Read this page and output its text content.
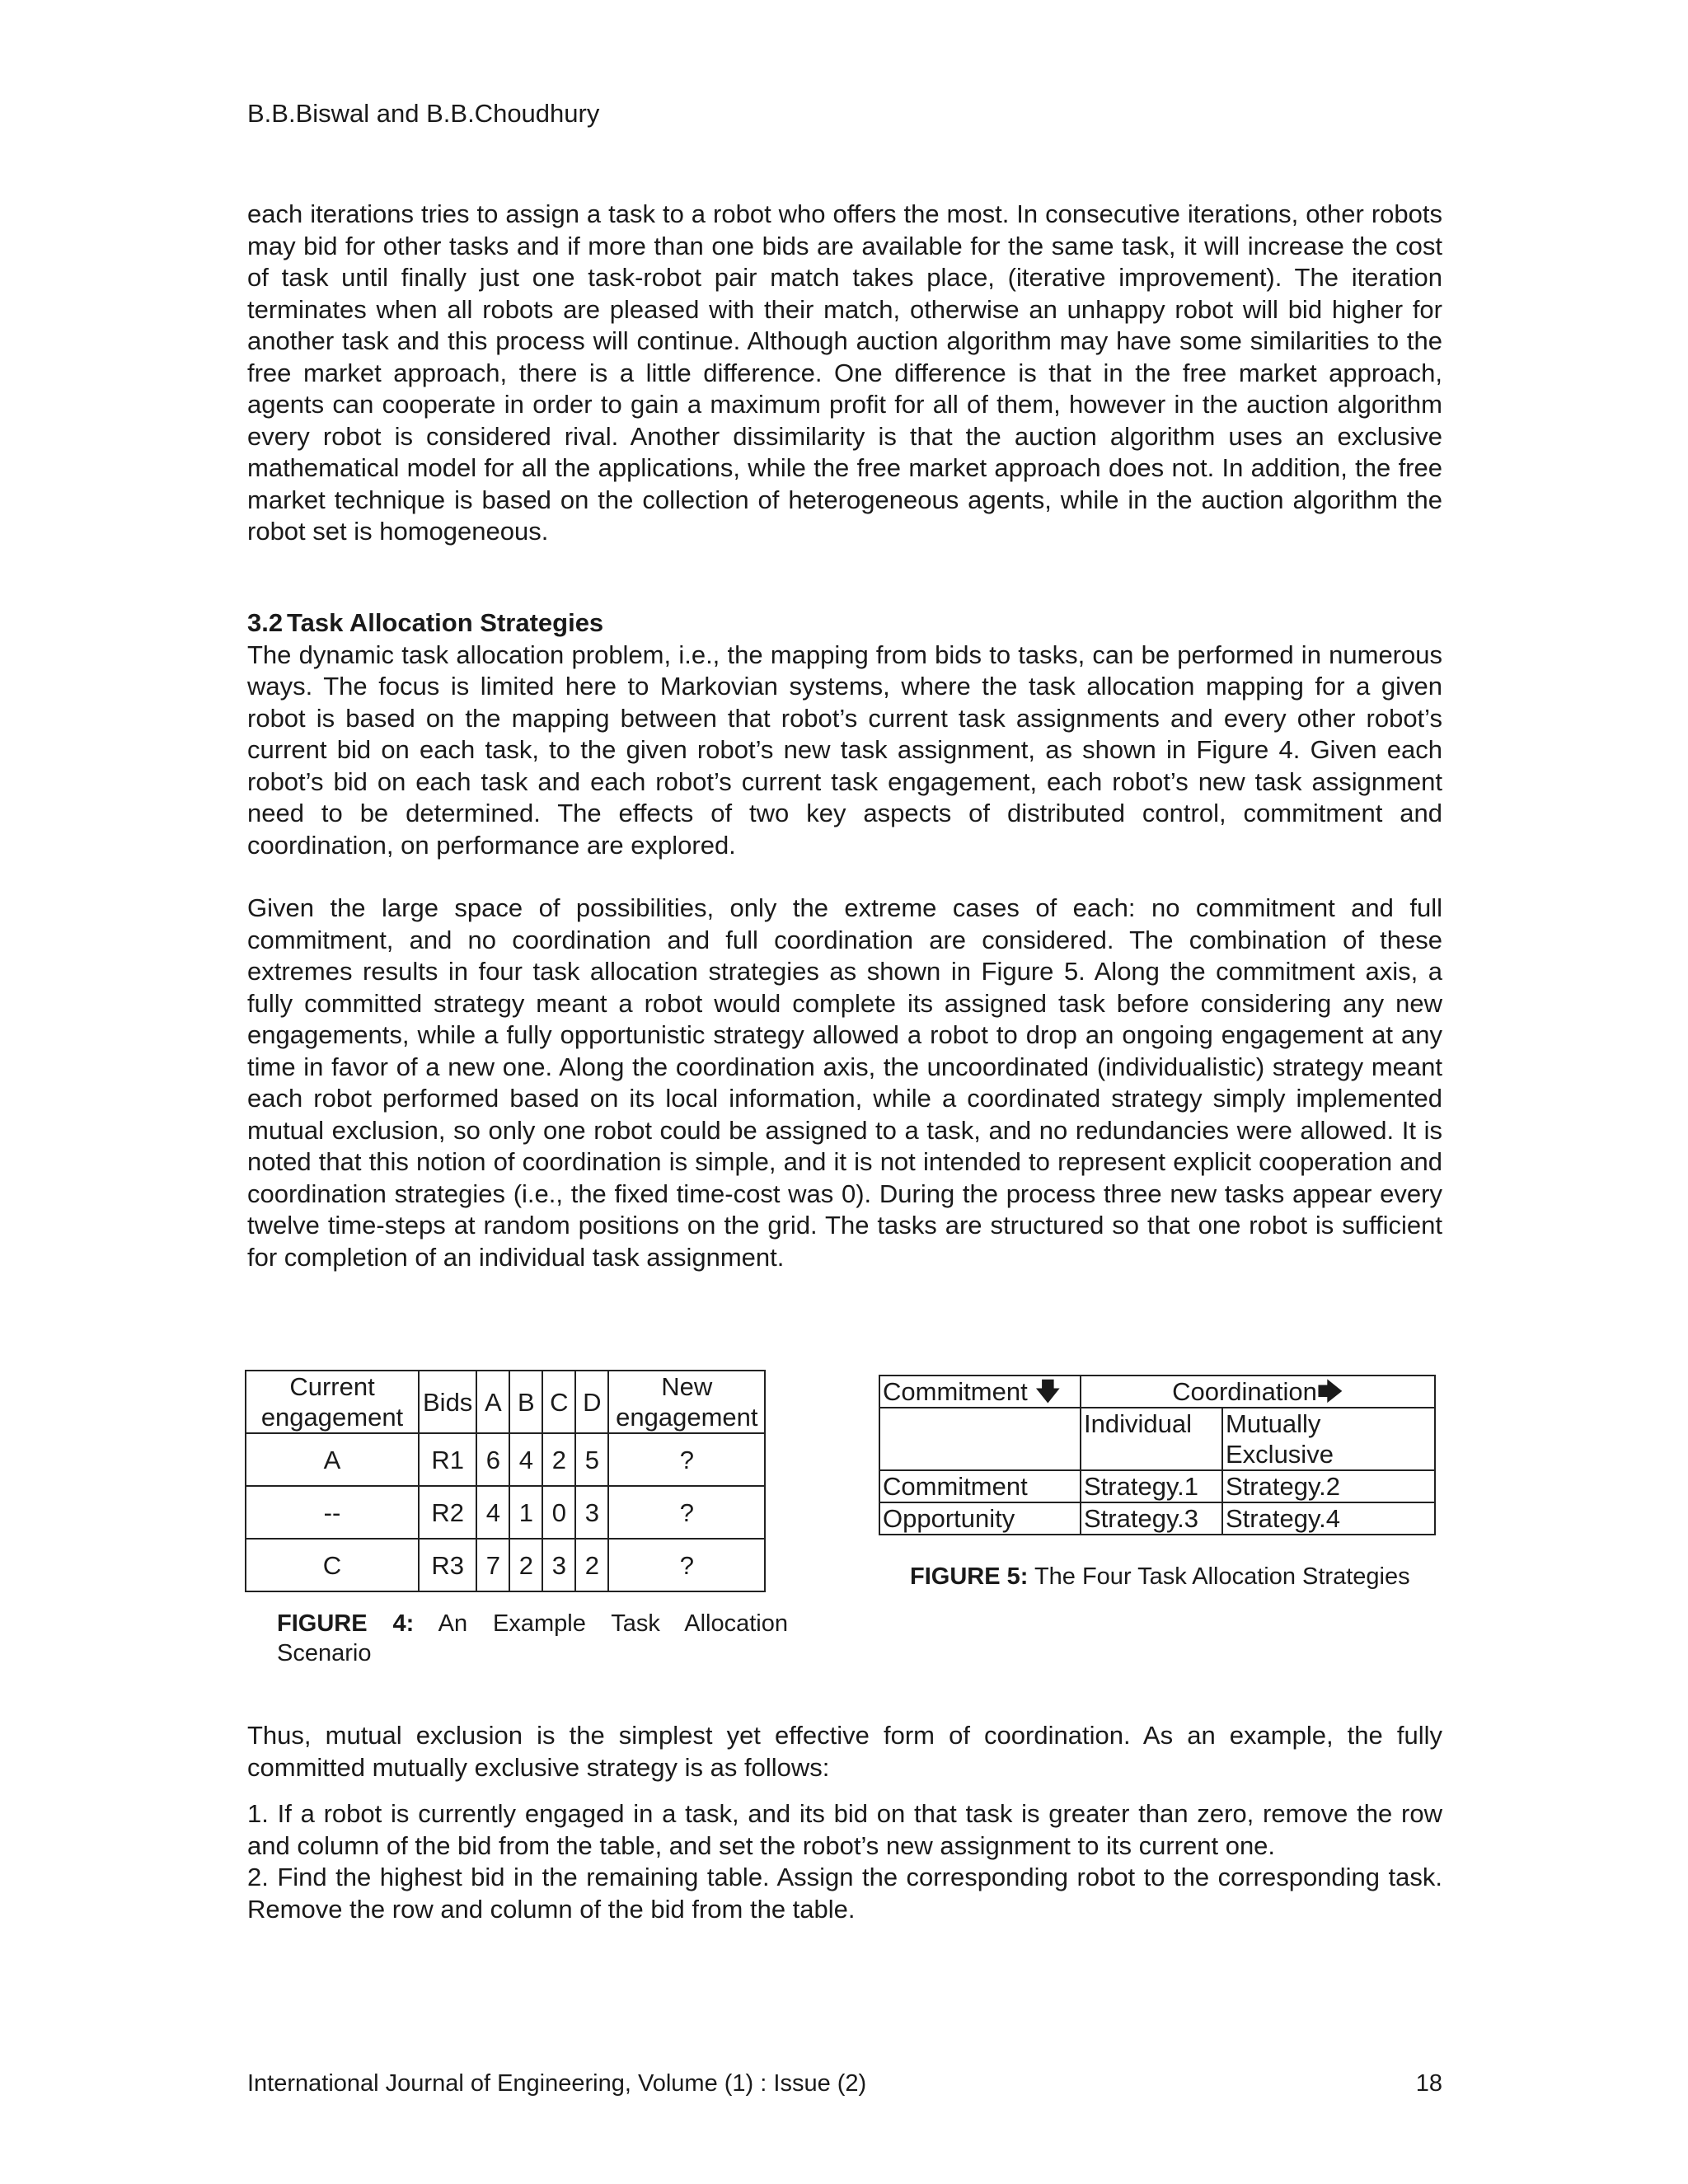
B.B.Biswal and B.B.Choudhury

each iterations tries to assign a task to a robot who offers the most. In consecutive iterations, other robots may bid for other tasks and if more than one bids are available for the same task, it will increase the cost of task until finally just one task-robot pair match takes place, (iterative improvement). The iteration terminates when all robots are pleased with their match, otherwise an unhappy robot will bid higher for another task and this process will continue. Although auction algorithm may have some similarities to the free market approach, there is a little difference. One difference is that in the free market approach, agents can cooperate in order to gain a maximum profit for all of them, however in the auction algorithm every robot is considered rival. Another dissimilarity is that the auction algorithm uses an exclusive mathematical model for all the applications, while the free market approach does not. In addition, the free market technique is based on the collection of heterogeneous agents, while in the auction algorithm the robot set is homogeneous.

3.2 Task Allocation Strategies

The dynamic task allocation problem, i.e., the mapping from bids to tasks, can be performed in numerous ways. The focus is limited here to Markovian systems, where the task allocation mapping for a given robot is based on the mapping between that robot’s current task assignments and every other robot’s current bid on each task, to the given robot’s new task assignment, as shown in Figure 4. Given each robot’s bid on each task and each robot’s current task engagement, each robot’s new task assignment need to be determined. The effects of two key aspects of distributed control, commitment and coordination, on performance are explored.

Given the large space of possibilities, only the extreme cases of each: no commitment and full commitment, and no coordination and full coordination are considered. The combination of these extremes results in four task allocation strategies as shown in Figure 5. Along the commitment axis, a fully committed strategy meant a robot would complete its assigned task before considering any new engagements, while a fully opportunistic strategy allowed a robot to drop an ongoing engagement at any time in favor of a new one. Along the coordination axis, the uncoordinated (individualistic) strategy meant each robot performed based on its local information, while a coordinated strategy simply implemented mutual exclusion, so only one robot could be assigned to a task, and no redundancies were allowed. It is noted that this notion of coordination is simple, and it is not intended to represent explicit cooperation and coordination strategies (i.e., the fixed time-cost was 0). During the process three new tasks appear every twelve time-steps at random positions on the grid. The tasks are structured so that one robot is sufficient for completion of an individual task assignment.

Current engagement	Bids	A	B	C	D	New engagement
A	R1	6	4	2	5	?
--	R2	4	1	0	3	?
C	R3	7	2	3	2	?
FIGURE 4: An Example Task Allocation Scenario
Commitment 🡇	Coordination🡆	
	Individual	Mutually Exclusive
Commitment	Strategy.1	Strategy.2
Opportunity	Strategy.3	Strategy.4
FIGURE 5: The Four Task Allocation Strategies

Thus, mutual exclusion is the simplest yet effective form of coordination. As an example, the fully committed mutually exclusive strategy is as follows:

1. If a robot is currently engaged in a task, and its bid on that task is greater than zero, remove the row and column of the bid from the table, and set the robot’s new assignment to its current one.

2. Find the highest bid in the remaining table. Assign the corresponding robot to the corresponding task. Remove the row and column of the bid from the table.

International Journal of Engineering, Volume (1) : Issue (2)	18
